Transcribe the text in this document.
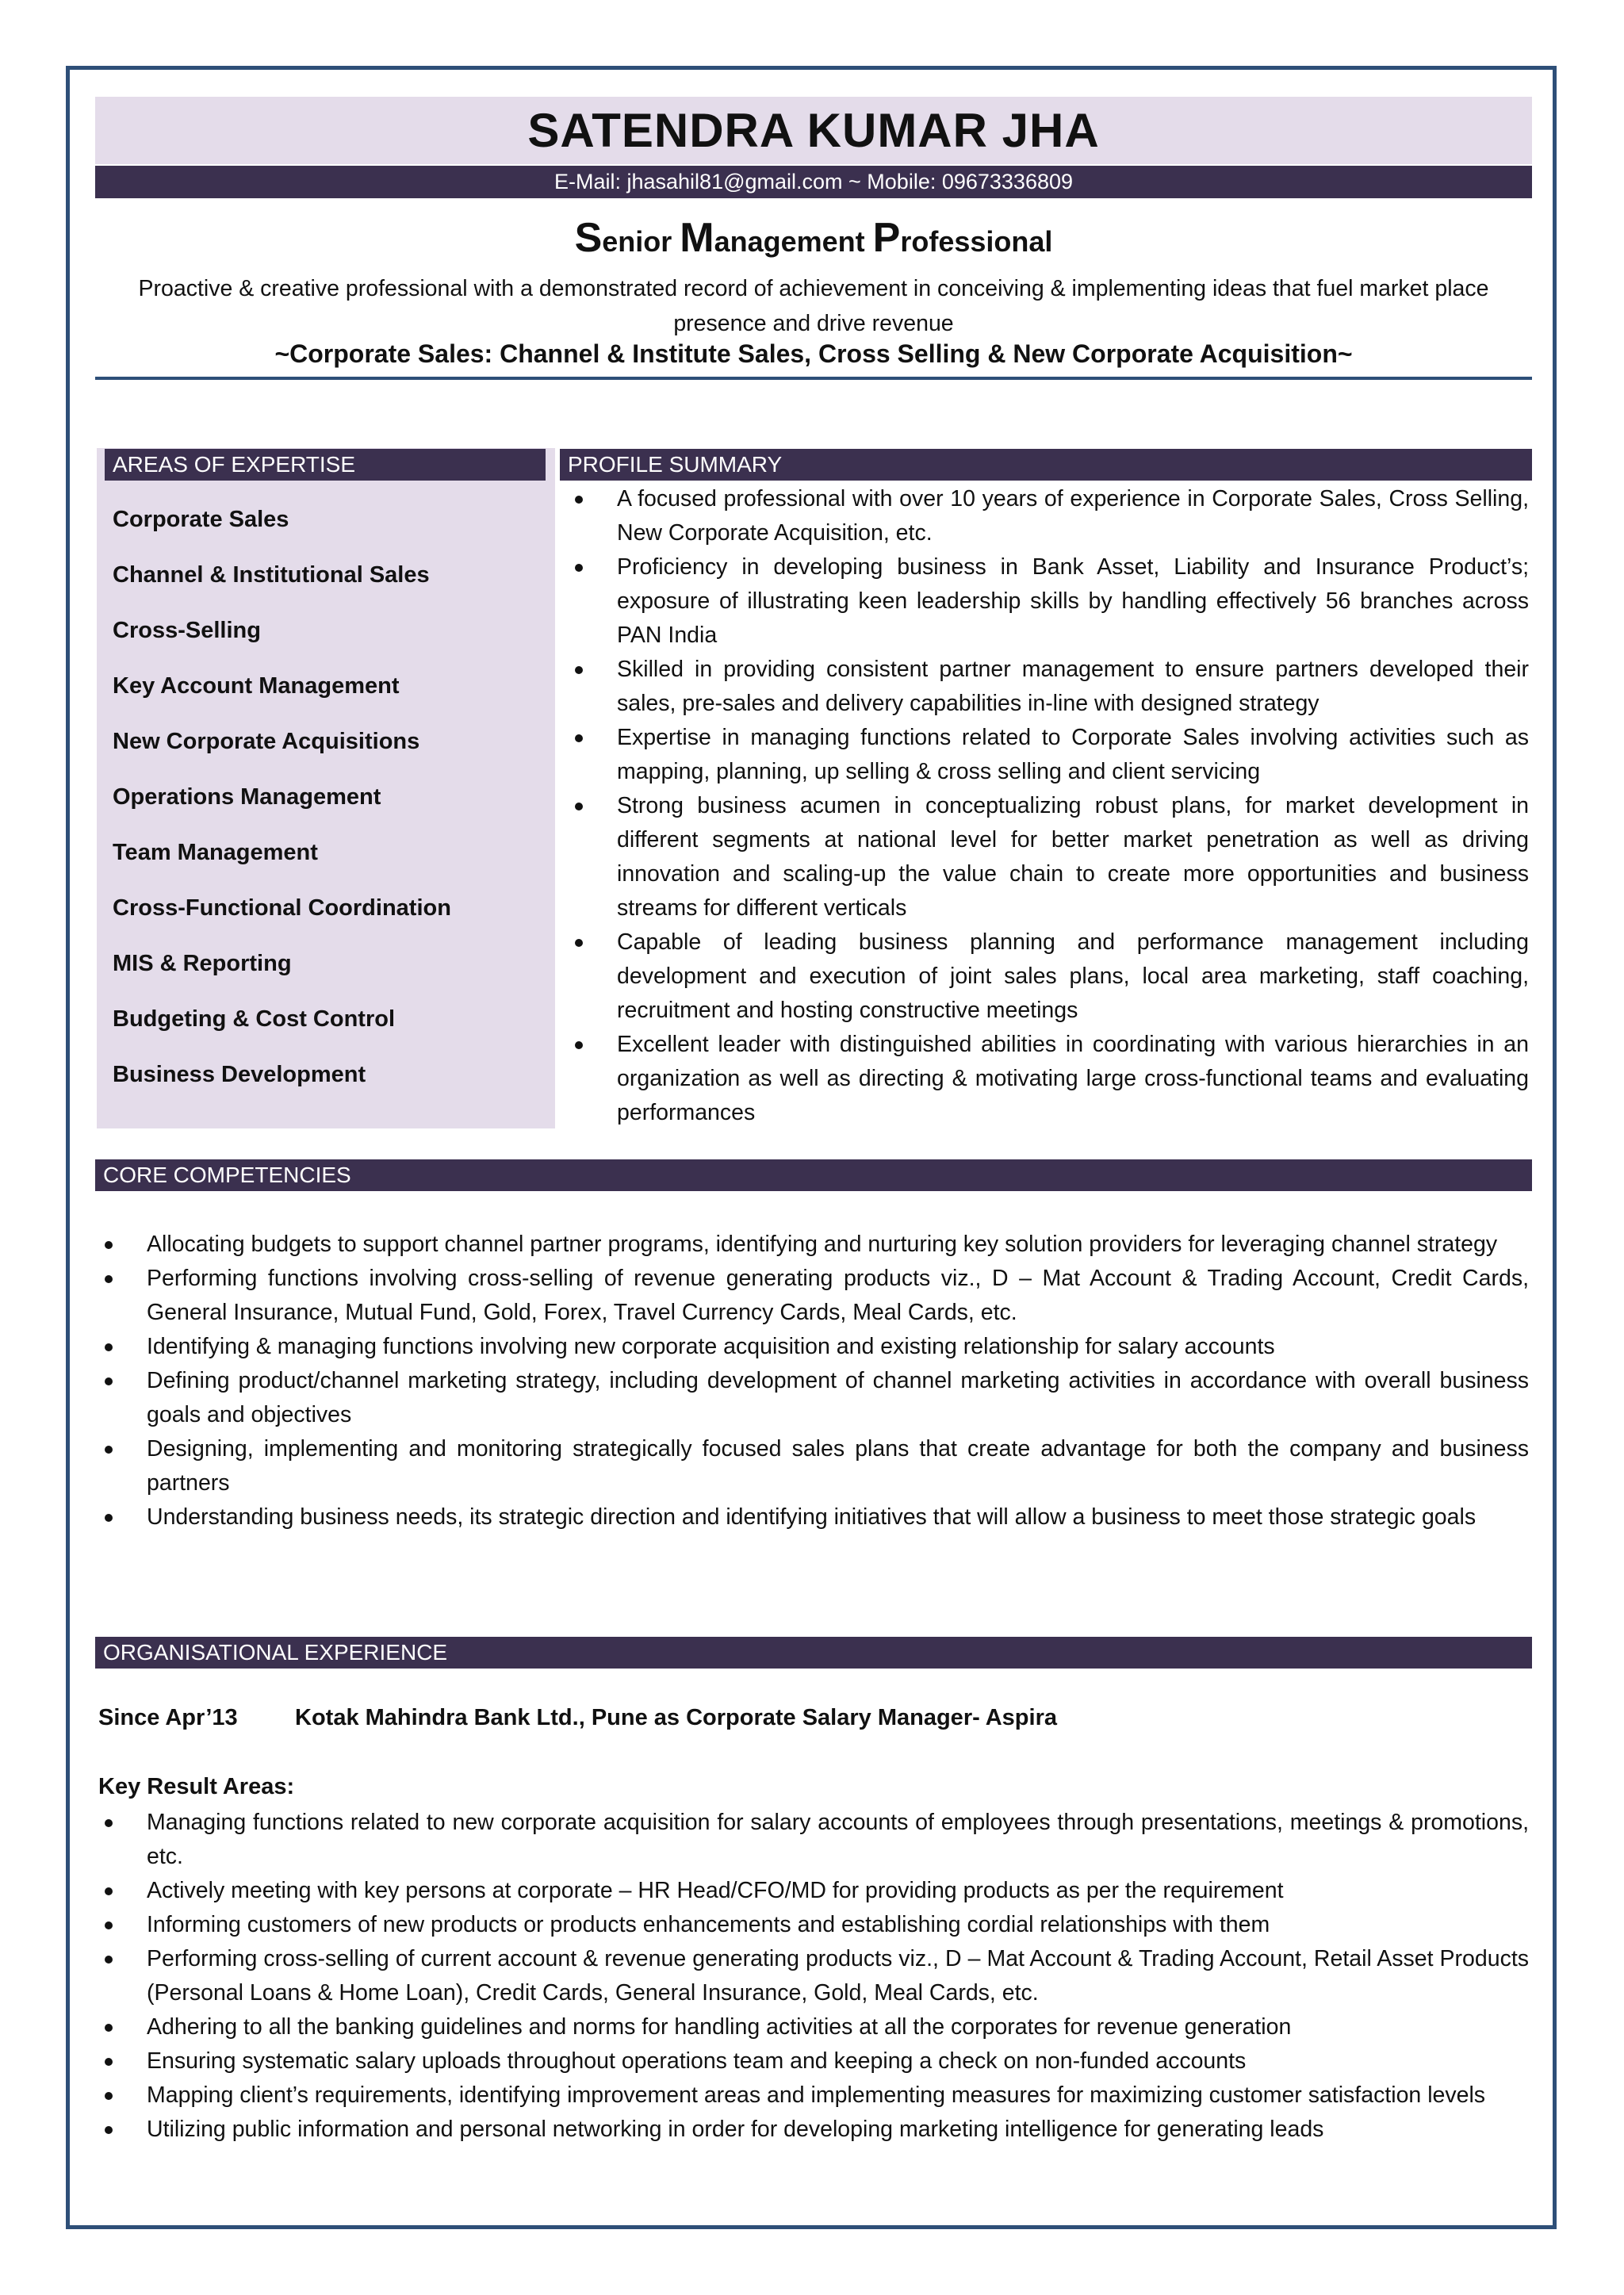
SATENDRA KUMAR JHA
E-Mail: jhasahil81@gmail.com ~ Mobile: 09673336809
Senior Management Professional
Proactive & creative professional with a demonstrated record of achievement in conceiving & implementing ideas that fuel market place presence and drive revenue
~Corporate Sales: Channel & Institute Sales, Cross Selling & New Corporate Acquisition~
AREAS OF EXPERTISE
Corporate Sales
Channel & Institutional Sales
Cross-Selling
Key Account Management
New Corporate Acquisitions
Operations Management
Team Management
Cross-Functional Coordination
MIS & Reporting
Budgeting & Cost Control
Business Development
PROFILE SUMMARY
A focused professional with over 10 years of experience in Corporate Sales, Cross Selling, New Corporate Acquisition, etc.
Proficiency in developing business in Bank Asset, Liability and Insurance Product’s; exposure of illustrating keen leadership skills by handling effectively 56 branches across PAN India
Skilled in providing consistent partner management to ensure partners developed their sales, pre-sales and delivery capabilities in-line with designed strategy
Expertise in managing functions related to Corporate Sales involving activities such as mapping, planning, up selling & cross selling and client servicing
Strong business acumen in conceptualizing robust plans, for market development in different segments at national level for better market penetration as well as driving innovation and scaling-up the value chain to create more opportunities and business streams for different verticals
Capable of leading business planning and performance management including development and execution of joint sales plans, local area marketing, staff coaching, recruitment and hosting constructive meetings
Excellent leader with distinguished abilities in coordinating with various hierarchies in an organization as well as directing & motivating large cross-functional teams and evaluating performances
CORE COMPETENCIES
Allocating budgets to support channel partner programs, identifying and nurturing key solution providers for leveraging channel strategy
Performing functions involving cross-selling of revenue generating products viz., D – Mat Account & Trading Account, Credit Cards, General Insurance, Mutual Fund, Gold, Forex, Travel Currency Cards, Meal Cards, etc.
Identifying & managing functions involving new corporate acquisition and existing relationship for salary accounts
Defining product/channel marketing strategy, including development of channel marketing activities in accordance with overall business goals and objectives
Designing, implementing and monitoring strategically focused sales plans that create advantage for both the company and business partners
Understanding business needs, its strategic direction and identifying initiatives that will allow a business to meet those strategic goals
ORGANISATIONAL EXPERIENCE
Since Apr’13 Kotak Mahindra Bank Ltd., Pune as Corporate Salary Manager- Aspira
Key Result Areas:
Managing functions related to new corporate acquisition for salary accounts of employees through presentations, meetings & promotions, etc.
Actively meeting with key persons at corporate – HR Head/CFO/MD for providing products as per the requirement
Informing customers of new products or products enhancements and establishing cordial relationships with them
Performing cross-selling of current account & revenue generating products viz., D – Mat Account & Trading Account, Retail Asset Products (Personal Loans & Home Loan), Credit Cards, General Insurance, Gold, Meal Cards, etc.
Adhering to all the banking guidelines and norms for handling activities at all the corporates for revenue generation
Ensuring systematic salary uploads throughout operations team and keeping a check on non-funded accounts
Mapping client’s requirements, identifying improvement areas and implementing measures for maximizing customer satisfaction levels
Utilizing public information and personal networking in order for developing marketing intelligence for generating leads
